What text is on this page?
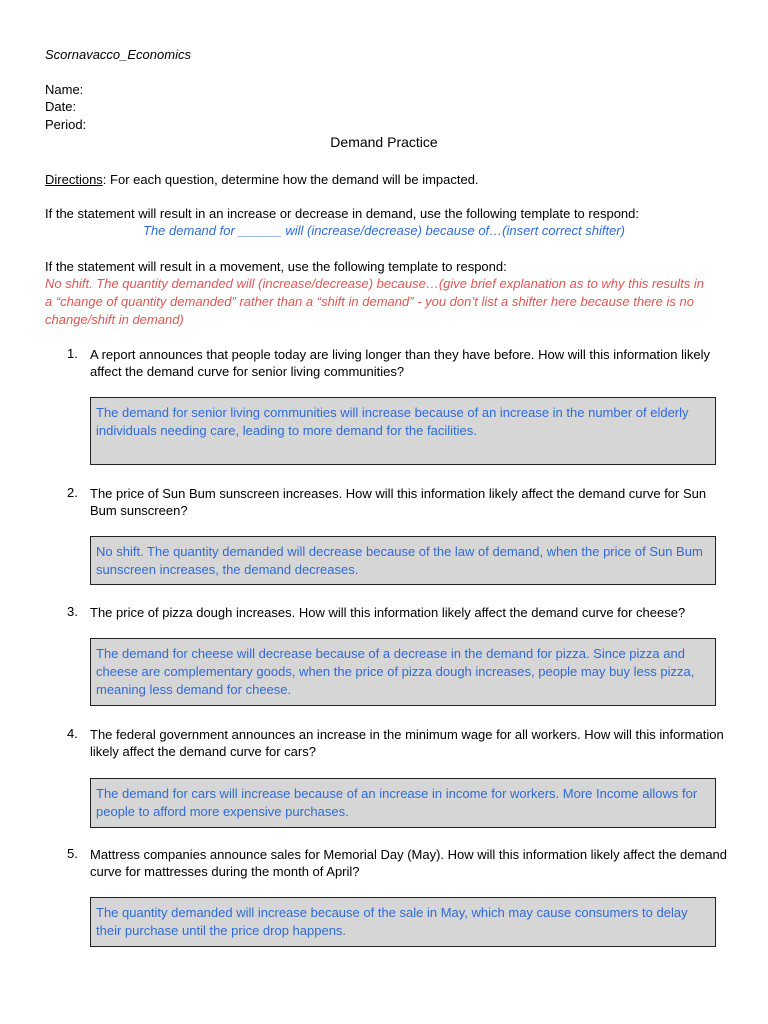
Scornavacco_Economics
Name:
Date:
Period:
Demand Practice
Directions: For each question, determine how the demand will be impacted.
If the statement will result in an increase or decrease in demand, use the following template to respond:
The demand for ______ will (increase/decrease) because of…(insert correct shifter)
If the statement will result in a movement, use the following template to respond:
No shift. The quantity demanded will (increase/decrease) because…(give brief explanation as to why this results in a “change of quantity demanded” rather than a “shift in demand” - you don’t list a shifter here because there is no change/shift in demand)
1. A report announces that people today are living longer than they have before. How will this information likely affect the demand curve for senior living communities?
The demand for senior living communities will increase because of an increase in the number of elderly individuals needing care, leading to more demand for the facilities.
2. The price of Sun Bum sunscreen increases. How will this information likely affect the demand curve for Sun Bum sunscreen?
No shift. The quantity demanded will decrease because of the law of demand, when the price of Sun Bum sunscreen increases, the demand decreases.
3. The price of pizza dough increases. How will this information likely affect the demand curve for cheese?
The demand for cheese will decrease because of a decrease in the demand for pizza. Since pizza and cheese are complementary goods, when the price of pizza dough increases, people may buy less pizza, meaning less demand for cheese.
4. The federal government announces an increase in the minimum wage for all workers. How will this information likely affect the demand curve for cars?
The demand for cars will increase because of an increase in income for workers. More Income allows for people to afford more expensive purchases.
5. Mattress companies announce sales for Memorial Day (May). How will this information likely affect the demand curve for mattresses during the month of April?
The quantity demanded will increase because of the sale in May, which may cause consumers to delay their purchase until the price drop happens.
